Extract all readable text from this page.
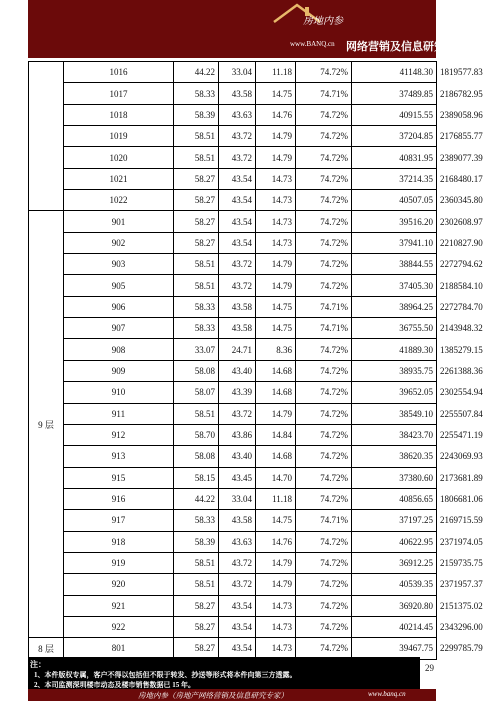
房地内参
www.BANQ.cn 网络营销及信息研究专家
	1016	44.22	33.04	11.18	74.72%	41148.30	1819577.83
	1017	58.33	43.58	14.75	74.71%	37489.85	2186782.95
	1018	58.39	43.63	14.76	74.72%	40915.55	2389058.96
	1019	58.51	43.72	14.79	74.72%	37204.85	2176855.77
	1020	58.51	43.72	14.79	74.72%	40831.95	2389077.39
	1021	58.27	43.54	14.73	74.72%	37214.35	2168480.17
	1022	58.27	43.54	14.73	74.72%	40507.05	2360345.80
9 层	901	58.27	43.54	14.73	74.72%	39516.20	2302608.97
	902	58.27	43.54	14.73	74.72%	37941.10	2210827.90
	903	58.51	43.72	14.79	74.72%	38844.55	2272794.62
	905	58.51	43.72	14.79	74.72%	37405.30	2188584.10
	906	58.33	43.58	14.75	74.71%	38964.25	2272784.70
	907	58.33	43.58	14.75	74.71%	36755.50	2143948.32
	908	33.07	24.71	8.36	74.72%	41889.30	1385279.15
	909	58.08	43.40	14.68	74.72%	38935.75	2261388.36
	910	58.07	43.39	14.68	74.72%	39652.05	2302554.94
	911	58.51	43.72	14.79	74.72%	38549.10	2255507.84
	912	58.70	43.86	14.84	74.72%	38423.70	2255471.19
	913	58.08	43.40	14.68	74.72%	38620.35	2243069.93
	915	58.15	43.45	14.70	74.72%	37380.60	2173681.89
	916	44.22	33.04	11.18	74.72%	40856.65	1806681.06
	917	58.33	43.58	14.75	74.71%	37197.25	2169715.59
	918	58.39	43.63	14.76	74.72%	40622.95	2371974.05
	919	58.51	43.72	14.79	74.72%	36912.25	2159735.75
	920	58.51	43.72	14.79	74.72%	40539.35	2371957.37
	921	58.27	43.54	14.73	74.72%	36920.80	2151375.02
	922	58.27	43.54	14.73	74.72%	40214.45	2343296.00
8 层	801	58.27	43.54	14.73	74.72%	39467.75	2299785.79
29
注：
1、本件版权专属，客户不得以包括但不限于转发、抄送等形式将本件向第三方透露。
2、本司监测深圳楼市动态及楼市销售数据已 15 年。
房地内参（房地产网络营销及信息研究专家）	www.banq.cn
